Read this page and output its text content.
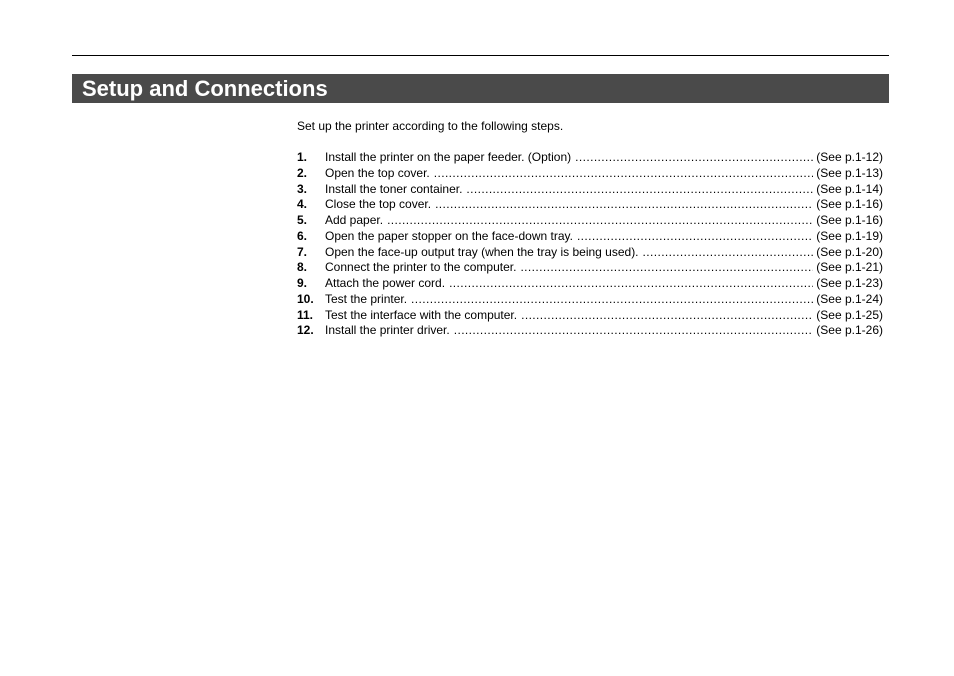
Setup and Connections

Set up the printer according to the following steps.

1.	Install the printer on the paper feeder. (Option) .....	(See p.1-12)
2.	Open the top cover. .....	(See p.1-13)
3.	Install the toner container. .....	(See p.1-14)
4.	Close the top cover. .....	(See p.1-16)
5.	Add paper. .....	(See p.1-16)
6.	Open the paper stopper on the face-down tray. .....	(See p.1-19)
7.	Open the face-up output tray (when the tray is being used). .....	(See p.1-20)
8.	Connect the printer to the computer. .....	(See p.1-21)
9.	Attach the power cord. .....	(See p.1-23)
10. Test the printer. .....	(See p.1-24)
11. Test the interface with the computer. .....	(See p.1-25)
12. Install the printer driver. .....	(See p.1-26)
